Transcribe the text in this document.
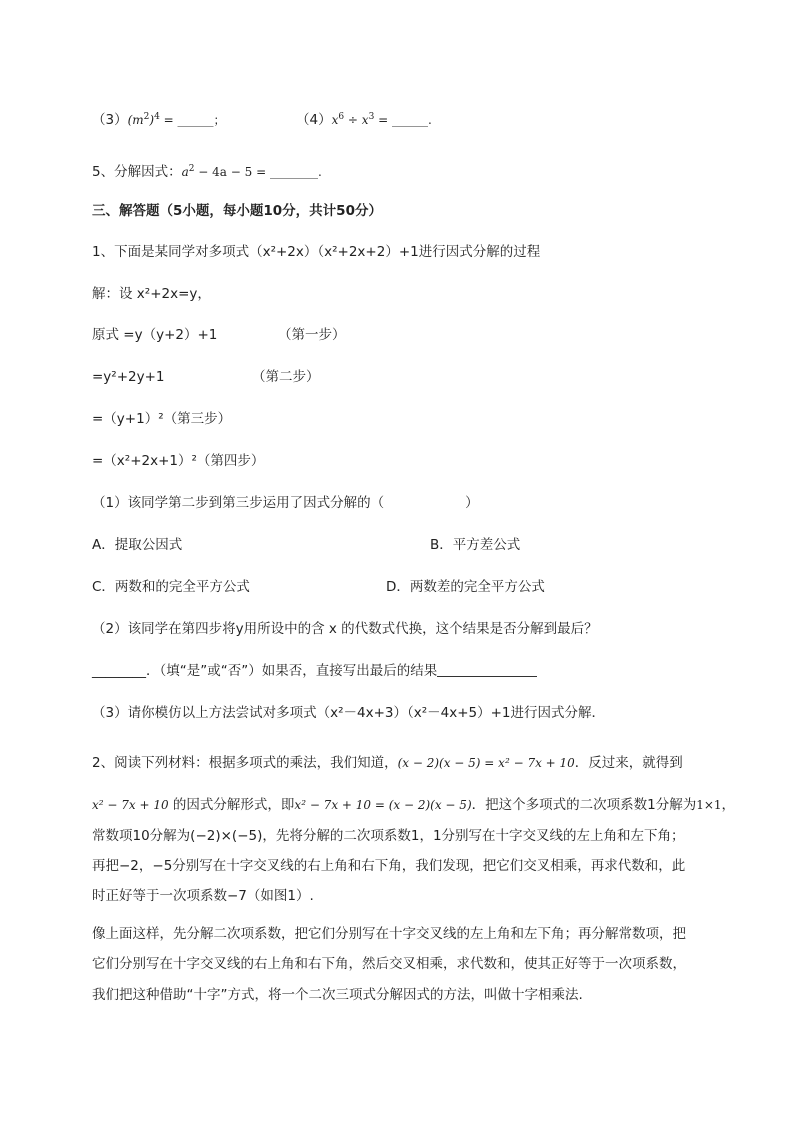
$(3)(m^2)^4$ = ______；	$(4)x^6 \div x^3$ = ______.
5、分解因式：$a^2 - 4a - 5$ = ________.
三、解答题（5小题，每小题10分，共计50分）
1、下面是某同学对多项式（x²+2x）（x²+2x+2）+1进行因式分解的过程
解：设 x²+2x=y，
原式 =y（y+2）+1	（第一步）
=y²+2y+1	（第二步）
=（y+1）²（第三步）
=（x²+2x+1）²（第四步）
（1）该同学第二步到第三步运用了因式分解的（　　　　　　）
A．提取公因式	B．平方差公式
C．两数和的完全平方公式	D．两数差的完全平方公式
（2）该同学在第四步将y用所设中的含 x 的代数式代换，这个结果是否分解到最后？
________．（填“是”或“否”）如果否，直接写出最后的结果
（3）请你模仿以上方法尝试对多项式（x²－4x+3）（x²－4x+5）+1进行因式分解．
2、阅读下列材料：根据多项式的乘法，我们知道，(x − 2)(x − 5) = x² − 7x + 10．反过来，就得到
x² − 7x + 10 的因式分解形式，即x² − 7x + 10 = (x − 2)(x − 5)．把这个多项式的二次项系数1分解为1×1，
常数项10分解为(−2)×(−5)，先将分解的二次项系数1，1分别写在十字交叉线的左上角和左下角；
再把−2，−5分别写在十字交叉线的右上角和右下角，我们发现，把它们交叉相乘，再求代数和，此
时正好等于一次项系数−7（如图1）.
像上面这样，先分解二次项系数，把它们分别写在十字交叉线的左上角和左下角；再分解常数项，把
它们分别写在十字交叉线的右上角和右下角，然后交叉相乘，求代数和，使其正好等于一次项系数，
我们把这种借助“十字”方式，将一个二次三项式分解因式的方法，叫做十字相乘法.
